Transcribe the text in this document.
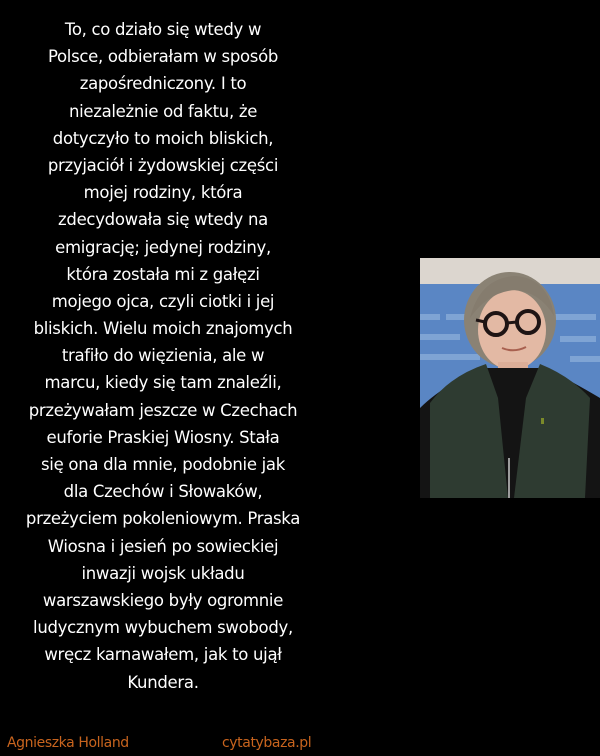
To, co działo się wtedy w
Polsce, odbierałam w sposób
zapośredniczony. I to
niezależnie od faktu, że
dotyczyło to moich bliskich,
przyjaciół i żydowskiej części
mojej rodziny, która
zdecydowała się wtedy na
emigrację; jedynej rodziny,
która została mi z gałęzi
mojego ojca, czyli ciotki i jej
bliskich. Wielu moich znajomych
trafiło do więzienia, ale w
marcu, kiedy się tam znaleźli,
przeżywałam jeszcze w Czechach
euforie Praskiej Wiosny. Stała
się ona dla mnie, podobnie jak
dla Czechów i Słowaków,
przeżyciem pokoleniowym. Praska
Wiosna i jesień po sowieckiej
inwazji wojsk układu
warszawskiego były ogromnie
ludycznym wybuchem swobody,
wręcz karnawałem, jak to ujął
Kundera.
Agnieszka Holland	cytatybaza.pl
